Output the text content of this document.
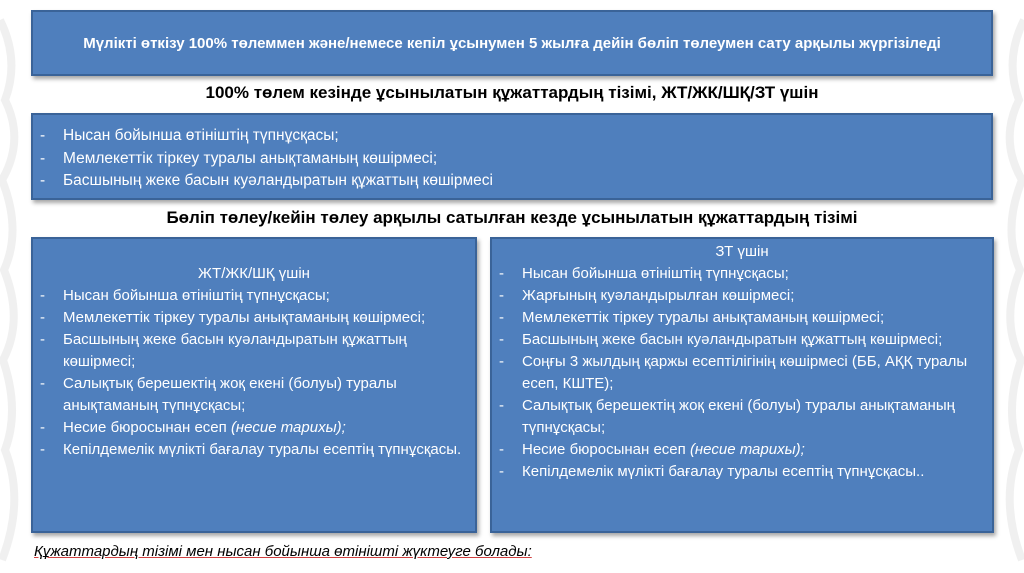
Мүлікті өткізу 100% төлеммен және/немесе кепіл ұсынумен 5 жылға дейін бөліп төлеумен сату арқылы жүргізіледі
100% төлем кезінде ұсынылатын құжаттардың тізімі, ЖТ/ЖК/ШҚ/ЗТ үшін
- Нысан бойынша өтініштің түпнұсқасы;
- Мемлекеттік тіркеу туралы анықтаманың көшірмесі;
- Басшының жеке басын куәландыратын құжаттың көшірмесі
Бөліп төлеу/кейін төлеу арқылы сатылған кезде ұсынылатын құжаттардың тізімі
ЖТ/ЖК/ШҚ үшін
- Нысан бойынша өтініштің түпнұсқасы;
- Мемлекеттік тіркеу туралы анықтаманың көшірмесі;
- Басшының жеке басын куәландыратын құжаттың көшірмесі;
- Салықтық берешектің жоқ екені (болуы) туралы анықтаманың түпнұсқасы;
- Несие бюросынан есеп (несие тарихы);
- Кепілдемелік мүлікті бағалау туралы есептің түпнұсқасы.
ЗТ үшін
- Нысан бойынша өтініштің түпнұсқасы;
- Жарғының куәландырылған көшірмесі;
- Мемлекеттік тіркеу туралы анықтаманың көшірмесі;
- Басшының жеке басын куәландыратын құжаттың көшірмесі;
- Соңғы 3 жылдың қаржы есептілігінің көшірмесі (ББ, АҚҚ туралы есеп, КШТЕ);
- Салықтық берешектің жоқ екені (болуы) туралы анықтаманың түпнұсқасы;
- Несие бюросынан есеп (несие тарихы);
- Кепілдемелік мүлікті бағалау туралы есептің түпнұсқасы..
Құжаттардың тізімі мен нысан бойынша өтінішті жүктеуге болады:
